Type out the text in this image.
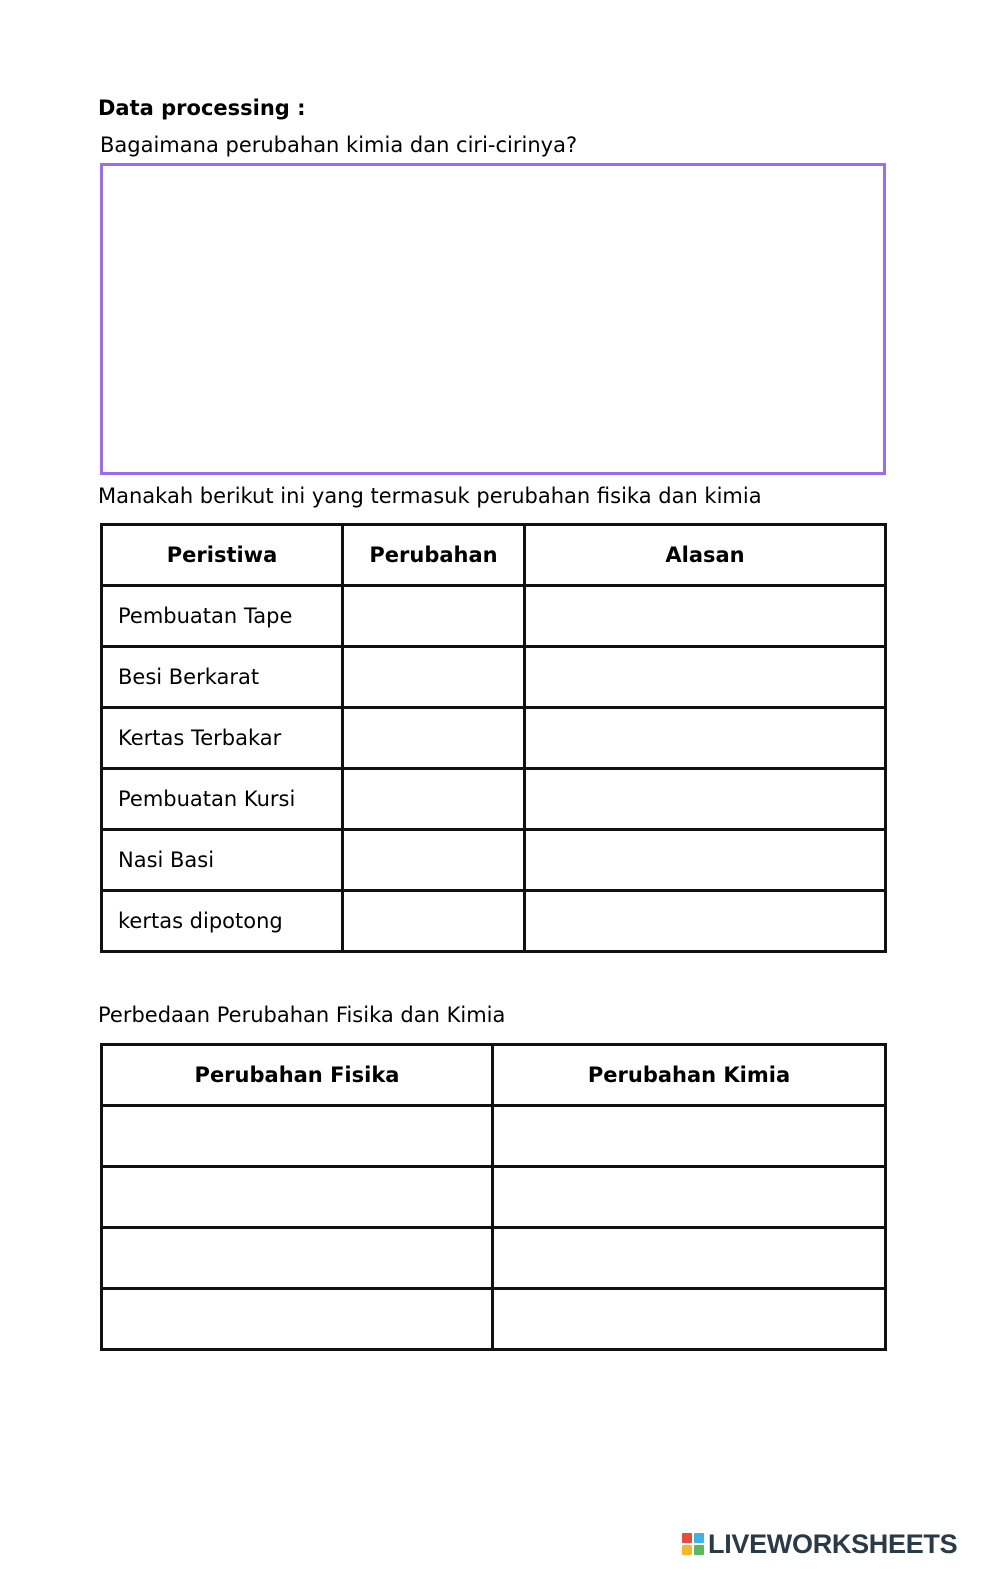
Data processing :

Bagaimana perubahan kimia dan ciri-cirinya?

Manakah berikut ini yang termasuk perubahan fisika dan kimia

Peristiwa	Perubahan	Alasan
Pembuatan Tape		
Besi Berkarat		
Kertas Terbakar		
Pembuatan Kursi		
Nasi Basi		
kertas dipotong		

Perbedaan Perubahan Fisika dan Kimia

Perubahan Fisika	Perubahan Kimia

LIVEWORKSHEETS
